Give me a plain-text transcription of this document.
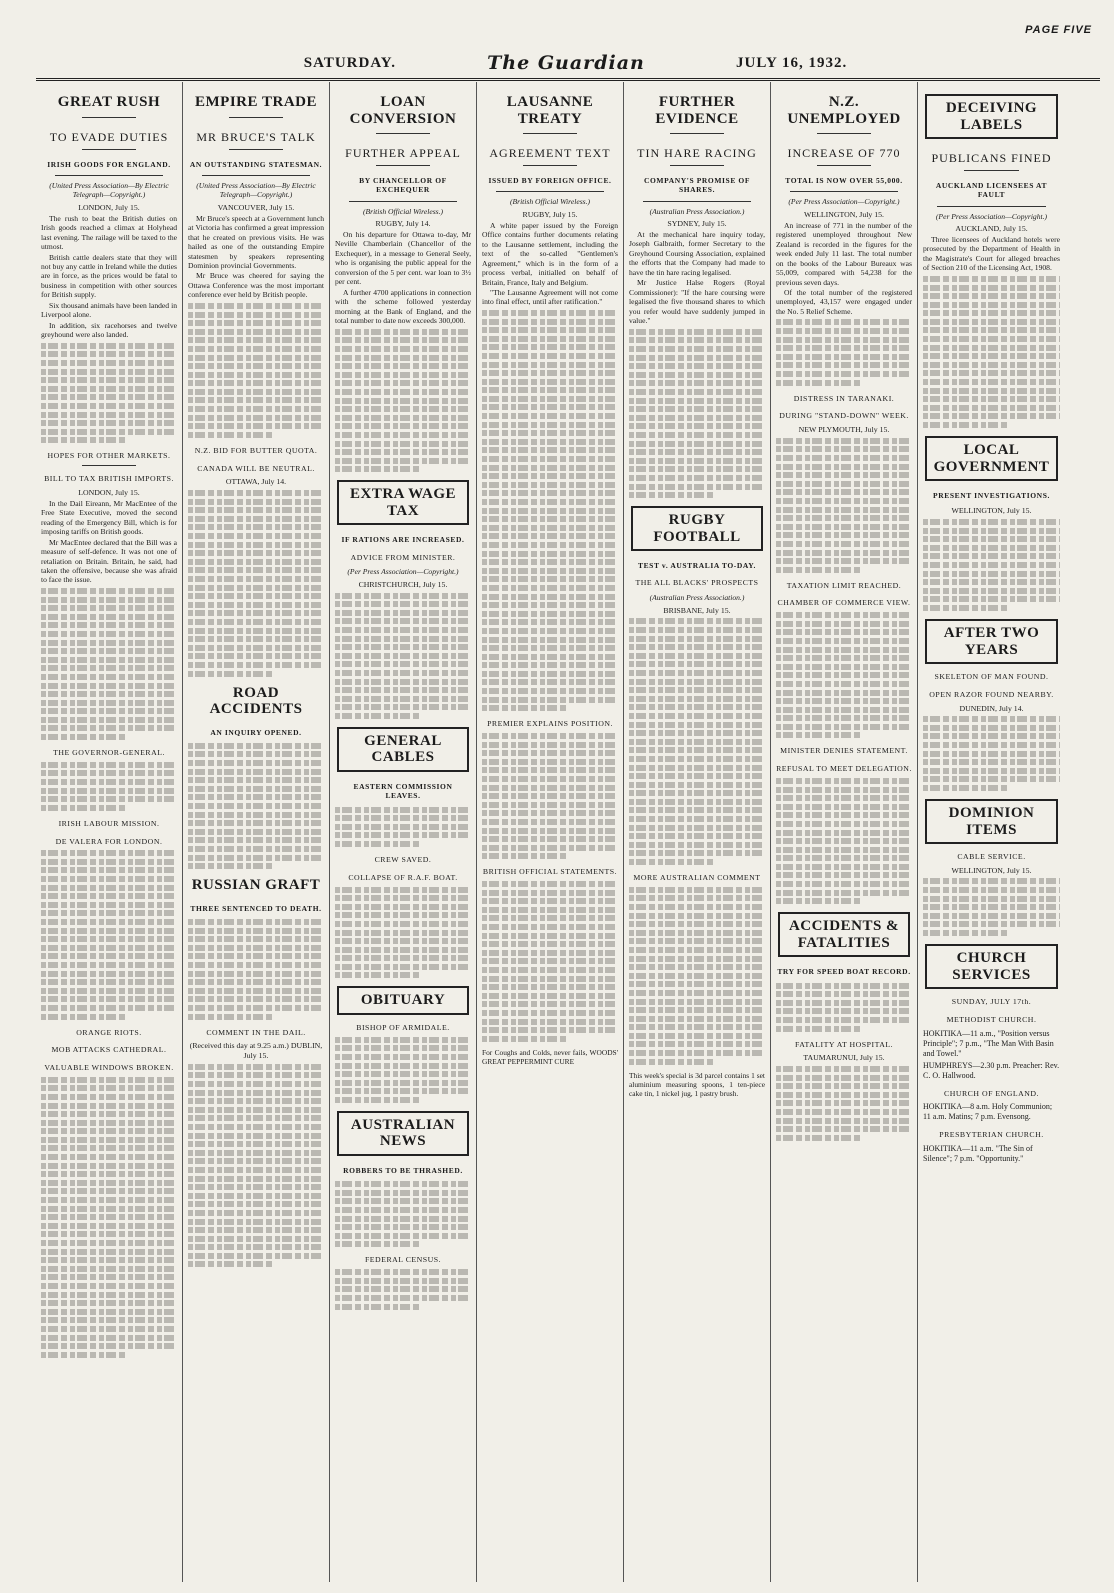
PAGE FIVE
SATURDAY.	The Guardian	JULY 16, 1932.
GREAT RUSH
TO EVADE DUTIES
IRISH GOODS FOR ENGLAND.
(United Press Association—By Electric Telegraph—Copyright.)
LONDON, July 15.

The rush to beat the British duties on Irish goods reached a climax at Holyhead last evening. The railage will be taxed to the utmost.

British cattle dealers state that they will not buy any cattle in Ireland while the duties are in force, as the prices would be fatal to business in competition with other sources for British supply.

Six thousand animals have been landed in Liverpool alone.

In addition, six racehorses and twelve greyhound were also landed.

HOPES FOR OTHER MARKETS.
BILL TO TAX BRITISH IMPORTS.
LONDON, July 15.

In the Dail Eireann, Mr MacEntee of the Free State Executive, moved the second reading of the Emergency Bill, which is for imposing tariffs on British goods.

Mr MacEntee declared that the Bill was a measure of self-defence. It was not one of retaliation on Britain. Britain, he said, had taken the offensive, because she was afraid to face the issue.

THE GOVERNOR-GENERAL.
IRISH LABOUR MISSION.
DE VALERA FOR LONDON.
ORANGE RIOTS.
MOB ATTACKS CATHEDRAL.
VALUABLE WINDOWS BROKEN.
EMPIRE TRADE
MR BRUCE'S TALK
AN OUTSTANDING STATESMAN.
(United Press Association—By Electric Telegraph—Copyright.)
VANCOUVER, July 15.

Mr Bruce's speech at a Government lunch at Victoria has confirmed a great impression that he created on previous visits. He was hailed as one of the outstanding Empire statesmen by speakers representing Dominion provincial Governments.

Mr Bruce was cheered for saying the Ottawa Conference was the most important conference ever held by British people.

N.Z. BID FOR BUTTER QUOTA.
CANADA WILL BE NEUTRAL.
OTTAWA, July 14.
ROAD ACCIDENTS
AN INQUIRY OPENED.
RUSSIAN GRAFT
THREE SENTENCED TO DEATH.
COMMENT IN THE DAIL.
(Received this day at 9.25 a.m.) DUBLIN, July 15.
LOAN CONVERSION
FURTHER APPEAL
BY CHANCELLOR OF EXCHEQUER
(British Official Wireless.)
RUGBY, July 14.

On his departure for Ottawa to-day, Mr Neville Chamberlain (Chancellor of the Exchequer), in a message to General Seely, who is organising the public appeal for the conversion of the 5 per cent. war loan to 3½ per cent.

A further 4700 applications in connection with the scheme followed yesterday morning at the Bank of England, and the total number to date now exceeds 300,000.

EXTRA WAGE TAX
IF RATIONS ARE INCREASED.
ADVICE FROM MINISTER.
(Per Press Association—Copyright.)
CHRISTCHURCH, July 15.
GENERAL CABLES
EASTERN COMMISSION LEAVES.
CREW SAVED.
COLLAPSE OF R.A.F. BOAT.
OBITUARY
BISHOP OF ARMIDALE.
AUSTRALIAN NEWS
ROBBERS TO BE THRASHED.
FEDERAL CENSUS.
LAUSANNE TREATY
AGREEMENT TEXT
ISSUED BY FOREIGN OFFICE.
(British Official Wireless.)
RUGBY, July 15.

A white paper issued by the Foreign Office contains further documents relating to the Lausanne settlement, including the text of the so-called "Gentlemen's Agreement," which is in the form of a process verbal, initialled on behalf of Britain, France, Italy and Belgium.

"The Lausanne Agreement will not come into final effect, until after ratification."

PREMIER EXPLAINS POSITION.
BRITISH OFFICIAL STATEMENTS.
For Coughs and Colds, never fails, WOODS' GREAT PEPPERMINT CURE
FURTHER EVIDENCE
TIN HARE RACING
COMPANY'S PROMISE OF SHARES.
(Australian Press Association.)
SYDNEY, July 15.

At the mechanical hare inquiry today, Joseph Galbraith, former Secretary to the Greyhound Coursing Association, explained the efforts that the Company had made to have the tin hare racing legalised.

Mr Justice Halse Rogers (Royal Commissioner): "If the hare coursing were legalised the five thousand shares to which you refer would have suddenly jumped in value."

RUGBY FOOTBALL
TEST v. AUSTRALIA TO-DAY.
THE ALL BLACKS' PROSPECTS
(Australian Press Association.)
BRISBANE, July 15.
MORE AUSTRALIAN COMMENT
This week's special is 3d parcel contains 1 set aluminium measuring spoons, 1 ten-piece cake tin, 1 nickel jug, 1 pastry brush.
N.Z. UNEMPLOYED
INCREASE OF 770
TOTAL IS NOW OVER 55,000.
(Per Press Association—Copyright.)
WELLINGTON, July 15.

An increase of 771 in the number of the registered unemployed throughout New Zealand is recorded in the figures for the week ended July 11 last. The total number on the books of the Labour Bureaux was 55,009, compared with 54,238 for the previous seven days.

Of the total number of the registered unemployed, 43,157 were engaged under the No. 5 Relief Scheme.

DISTRESS IN TARANAKI.
DURING "STAND-DOWN" WEEK.
NEW PLYMOUTH, July 15.
TAXATION LIMIT REACHED.
CHAMBER OF COMMERCE VIEW.
MINISTER DENIES STATEMENT.
REFUSAL TO MEET DELEGATION.
ACCIDENTS & FATALITIES
TRY FOR SPEED BOAT RECORD.
FATALITY AT HOSPITAL.
TAUMARUNUI, July 15.
DECEIVING LABELS
PUBLICANS FINED
AUCKLAND LICENSEES AT FAULT
(Per Press Association—Copyright.)
AUCKLAND, July 15.

Three licensees of Auckland hotels were prosecuted by the Department of Health in the Magistrate's Court for alleged breaches of Section 210 of the Licensing Act, 1908.

LOCAL GOVERNMENT
PRESENT INVESTIGATIONS.
WELLINGTON, July 15.
AFTER TWO YEARS
SKELETON OF MAN FOUND.
OPEN RAZOR FOUND NEARBY.
DUNEDIN, July 14.
DOMINION ITEMS
CABLE SERVICE.
WELLINGTON, July 15.
CHURCH SERVICES
SUNDAY, JULY 17th.
METHODIST CHURCH.

HOKITIKA—11 a.m., "Position versus Principle"; 7 p.m., "The Man With Basin and Towel."

HUMPHREYS—2.30 p.m. Preacher: Rev. C. O. Hallwood.

CHURCH OF ENGLAND.

HOKITIKA—8 a.m. Holy Communion; 11 a.m. Matins; 7 p.m. Evensong.

PRESBYTERIAN CHURCH.

HOKITIKA—11 a.m. "The Sin of Silence"; 7 p.m. "Opportunity."
